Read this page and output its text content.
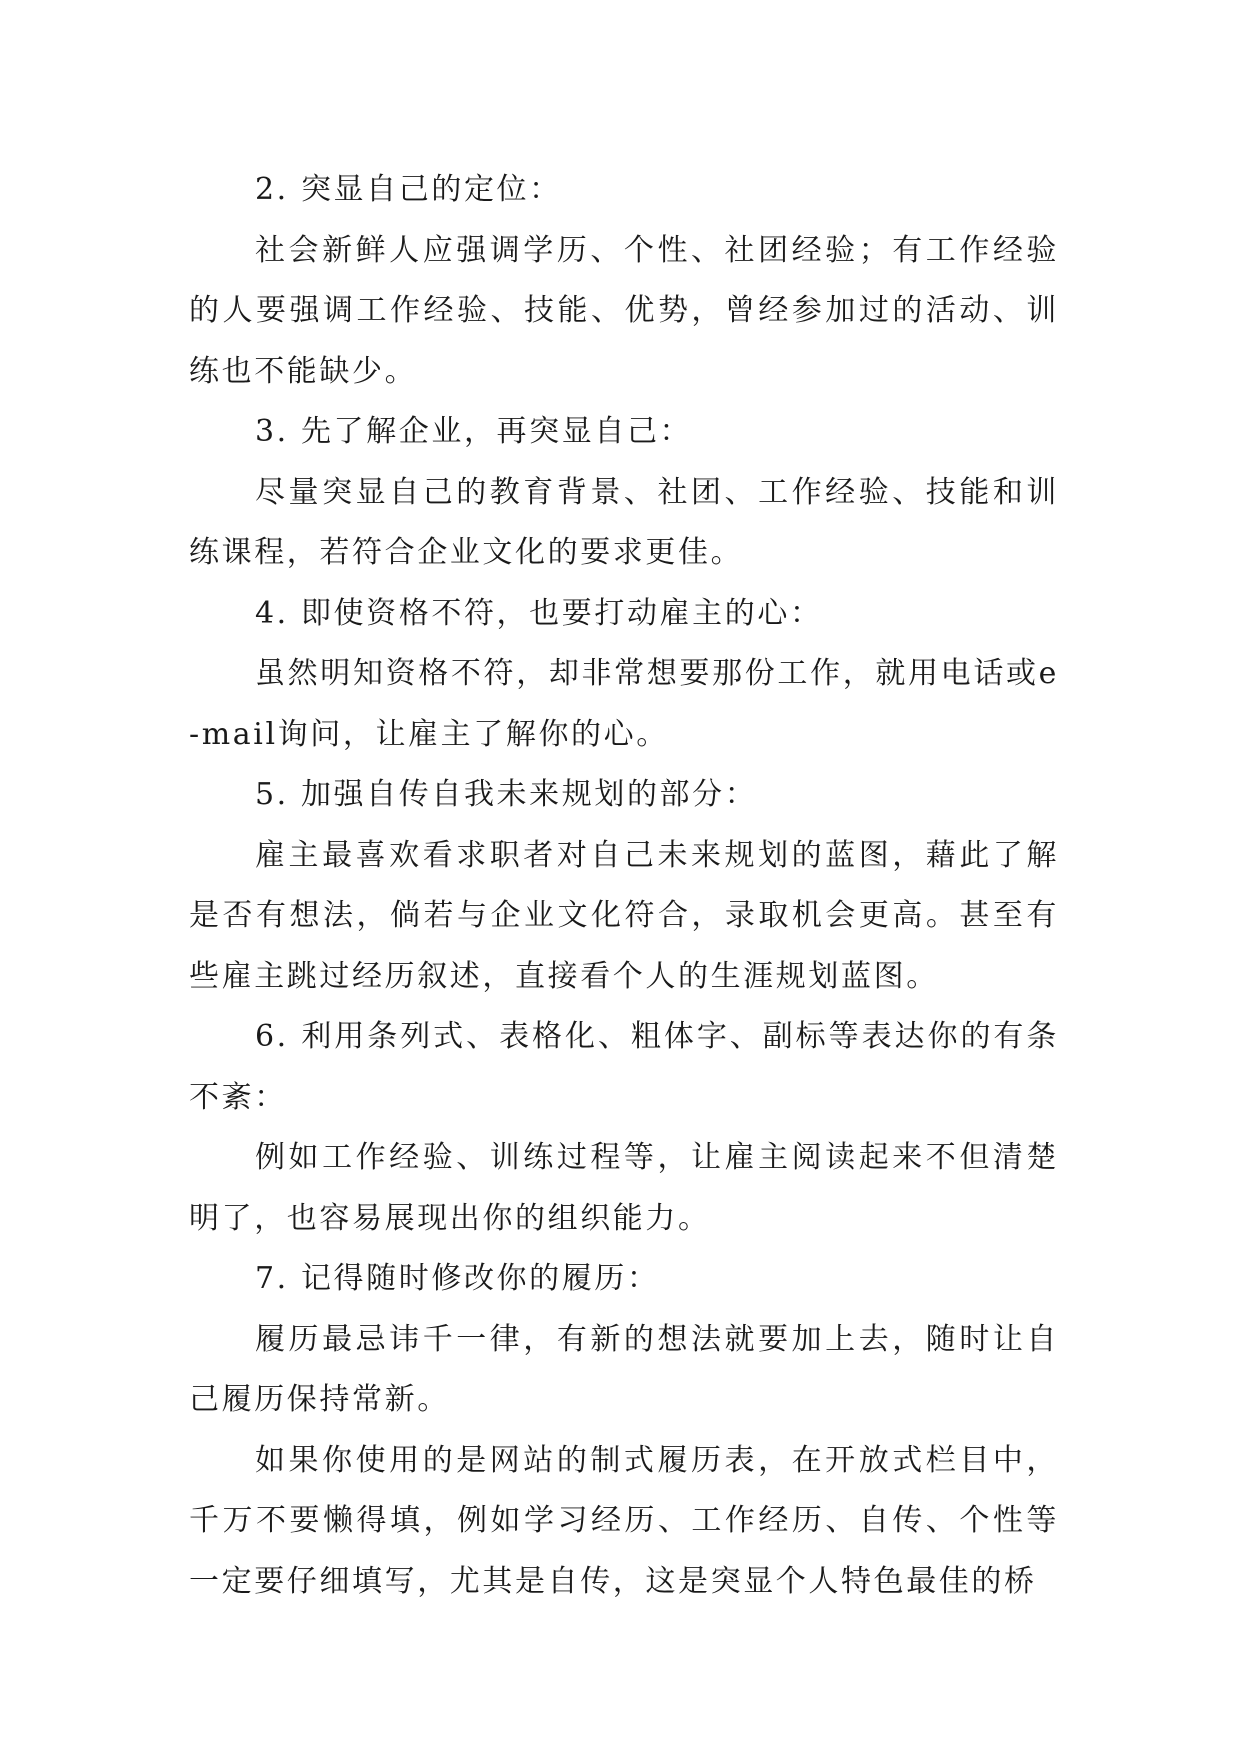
2. 突显自己的定位：

社会新鲜人应强调学历、个性、社团经验；有工作经验的人要强调工作经验、技能、优势，曾经参加过的活动、训练也不能缺少。

3. 先了解企业，再突显自己：

尽量突显自己的教育背景、社团、工作经验、技能和训练课程，若符合企业文化的要求更佳。

4. 即使资格不符，也要打动雇主的心：

虽然明知资格不符，却非常想要那份工作，就用电话或e-mail询问，让雇主了解你的心。

5. 加强自传自我未来规划的部分：

雇主最喜欢看求职者对自己未来规划的蓝图，藉此了解是否有想法，倘若与企业文化符合，录取机会更高。甚至有些雇主跳过经历叙述，直接看个人的生涯规划蓝图。

6. 利用条列式、表格化、粗体字、副标等表达你的有条不紊：

例如工作经验、训练过程等，让雇主阅读起来不但清楚明了，也容易展现出你的组织能力。

7. 记得随时修改你的履历：

履历最忌讳千一律，有新的想法就要加上去，随时让自己履历保持常新。

如果你使用的是网站的制式履历表，在开放式栏目中，千万不要懒得填，例如学习经历、工作经历、自传、个性等一定要仔细填写，尤其是自传，这是突显个人特色最佳的桥
